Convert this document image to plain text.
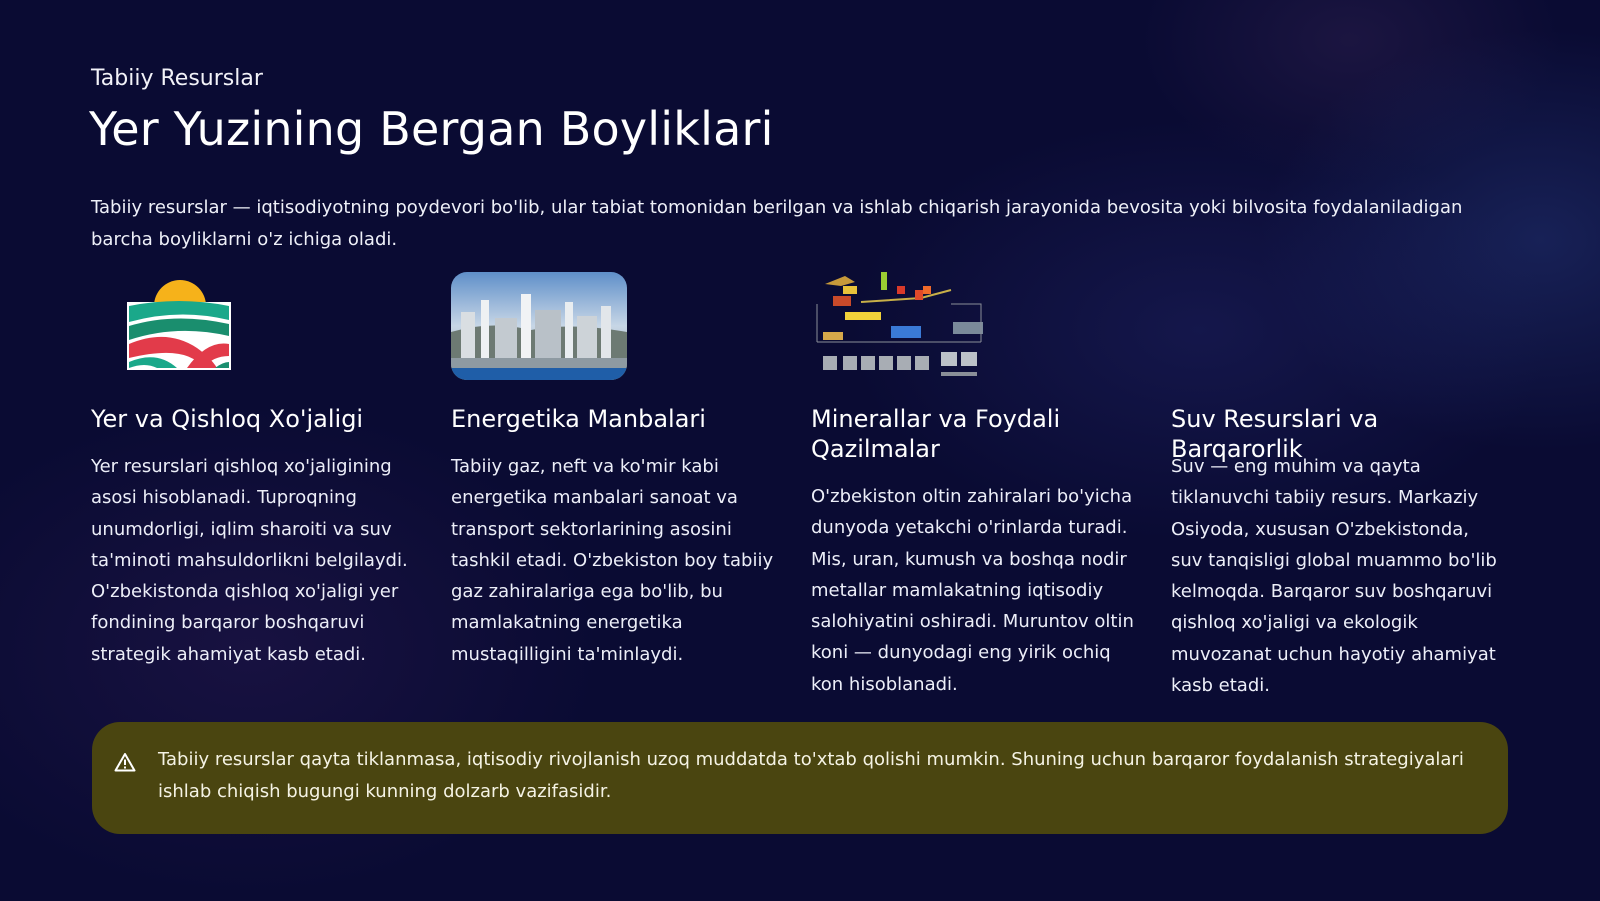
Tabiiy Resurslar
Yer Yuzining Bergan Boyliklari
Tabiiy resurslar — iqtisodiyotning poydevori bo'lib, ular tabiat tomonidan berilgan va ishlab chiqarish jarayonida bevosita yoki bilvosita foydalaniladigan barcha boyliklarni o'z ichiga oladi.
Yer va Qishloq Xo'jaligi

Yer resurslari qishloq xo'jaligining asosi hisoblanadi. Tuproqning unumdorligi, iqlim sharoiti va suv ta'minoti mahsuldorlikni belgilaydi. O'zbekistonda qishloq xo'jaligi yer fondining barqaror boshqaruvi strategik ahamiyat kasb etadi.

Energetika Manbalari

Tabiiy gaz, neft va ko'mir kabi energetika manbalari sanoat va transport sektorlarining asosini tashkil etadi. O'zbekiston boy tabiiy gaz zahiralariga ega bo'lib, bu mamlakatning energetika mustaqilligini ta'minlaydi.

Minerallar va Foydali Qazilmalar

O'zbekiston oltin zahiralari bo'yicha dunyoda yetakchi o'rinlarda turadi. Mis, uran, kumush va boshqa nodir metallar mamlakatning iqtisodiy salohiyatini oshiradi. Muruntov oltin koni — dunyodagi eng yirik ochiq kon hisoblanadi.

Suv Resurslari va Barqarorlik

Suv — eng muhim va qayta tiklanuvchi tabiiy resurs. Markaziy Osiyoda, xususan O'zbekistonda, suv tanqisligi global muammo bo'lib kelmoqda. Barqaror suv boshqaruvi qishloq xo'jaligi va ekologik muvozanat uchun hayotiy ahamiyat kasb etadi.

Tabiiy resurslar qayta tiklanmasa, iqtisodiy rivojlanish uzoq muddatda to'xtab qolishi mumkin. Shuning uchun barqaror foydalanish strategiyalari ishlab chiqish bugungi kunning dolzarb vazifasidir.
